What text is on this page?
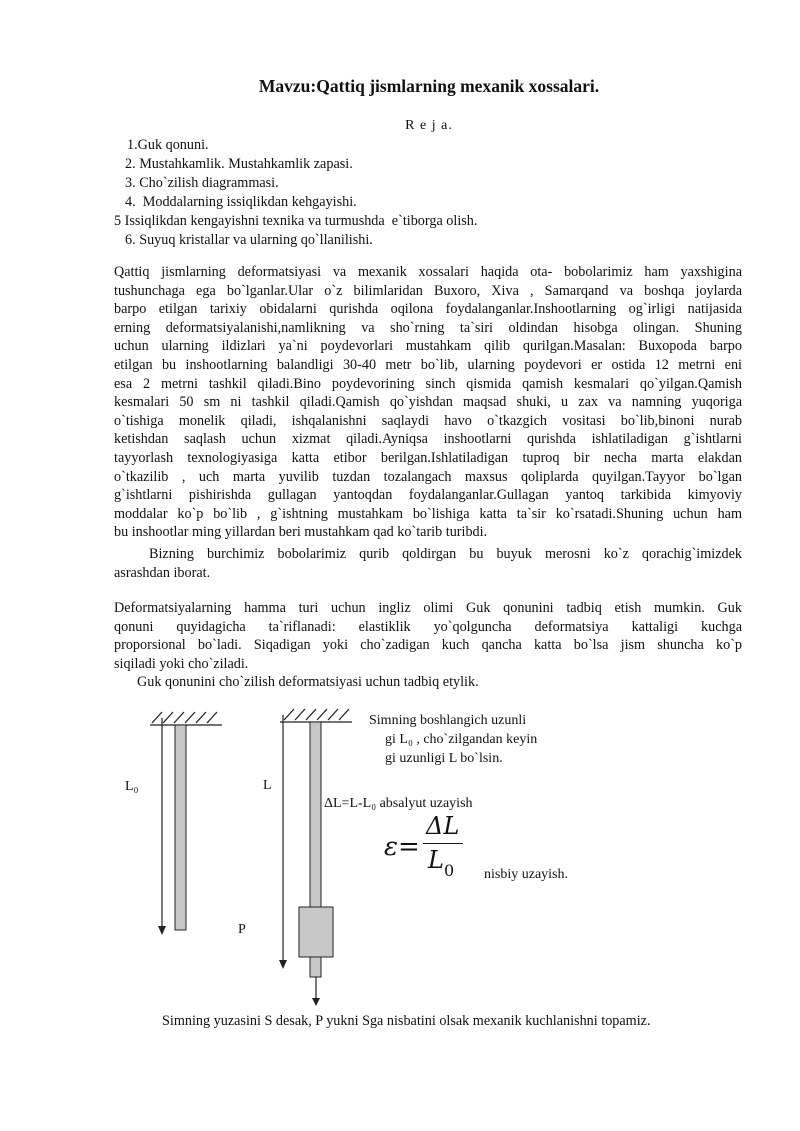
Mavzu:Qattiq jismlarning mexanik xossalari.
R e j a.
1.Guk qonuni.
2. Mustahkamlik. Mustahkamlik zapasi.
3. Cho`zilish diagrammasi.
4.  Moddalarning issiqlikdan kehgayishi.
5 Issiqlikdan kengayishni texnika va turmushda  e`tiborga olish.
6. Suyuq kristallar va ularning qo`llanilishi.
Qattiq jismlarning deformatsiyasi va mexanik xossalari haqida ota- bobolarimiz ham yaxshigina
tushunchaga ega bo`lganlar.Ular o`z bilimlaridan Buxoro, Xiva , Samarqand va boshqa joylarda
barpo etilgan tarixiy obidalarni qurishda oqilona foydalanganlar.Inshootlarning og`irligi natijasida
erning deformatsiyalanishi,namlikning va sho`rning ta`siri oldindan hisobga olingan. Shuning
uchun ularning ildizlari ya`ni poydevorlari mustahkam qilib qurilgan.Masalan: Buxopoda barpo
etilgan bu inshootlarning balandligi 30-40 metr bo`lib, ularning poydevori er ostida 12 metrni eni
esa 2 metrni tashkil qiladi.Bino poydevorining sinch qismida qamish kesmalari qo`yilgan.Qamish
kesmalari 50 sm ni tashkil qiladi.Qamish qo`yishdan maqsad shuki, u zax va namning yuqoriga
o`tishiga monelik qiladi, ishqalanishni saqlaydi havo o`tkazgich vositasi bo`lib,binoni nurab
ketishdan saqlash uchun xizmat qiladi.Ayniqsa inshootlarni qurishda ishlatiladigan g`ishtlarni
tayyorlash texnologiyasiga katta etibor berilgan.Ishlatiladigan tuproq bir necha marta elakdan
o`tkazilib , uch marta yuvilib tuzdan tozalangach maxsus qoliplarda quyilgan.Tayyor bo`lgan
g`ishtlarni pishirishda gullagan yantoqdan foydalanganlar.Gullagan yantoq tarkibida kimyoviy
moddalar ko`p bo`lib , g`ishtning mustahkam bo`lishiga katta ta`sir ko`rsatadi.Shuning uchun ham
bu inshootlar ming yillardan beri mustahkam qad ko`tarib turibdi.
Bizning burchimiz bobolarimiz qurib qoldirgan bu buyuk merosni ko`z qorachig`imizdek
asrashdan iborat.
Deformatsiyalarning hamma turi uchun ingliz olimi Guk qonunini tadbiq etish mumkin. Guk
qonuni quyidagicha ta`riflanadi: elastiklik yo`qolguncha deformatsiya kattaligi kuchga
proporsional bo`ladi. Siqadigan yoki cho`zadigan kuch qancha katta bo`lsa jism shuncha ko`p
siqiladi yoki cho`ziladi.
Guk qonunini cho`zilish deformatsiyasi uchun tadbiq etylik.
L₀	L
P
Simning boshlangich uzunli
gi L₀ , cho`zilgandan keyin
gi uzunligi L bo`lsin.
ΔL=L-L₀ absalyut uzayish
ε=
ΔL
$L_0$ nisbiy uzayish.
Simning yuzasini S desak, P yukni Sga nisbatini olsak mexanik kuchlanishni topamiz.
